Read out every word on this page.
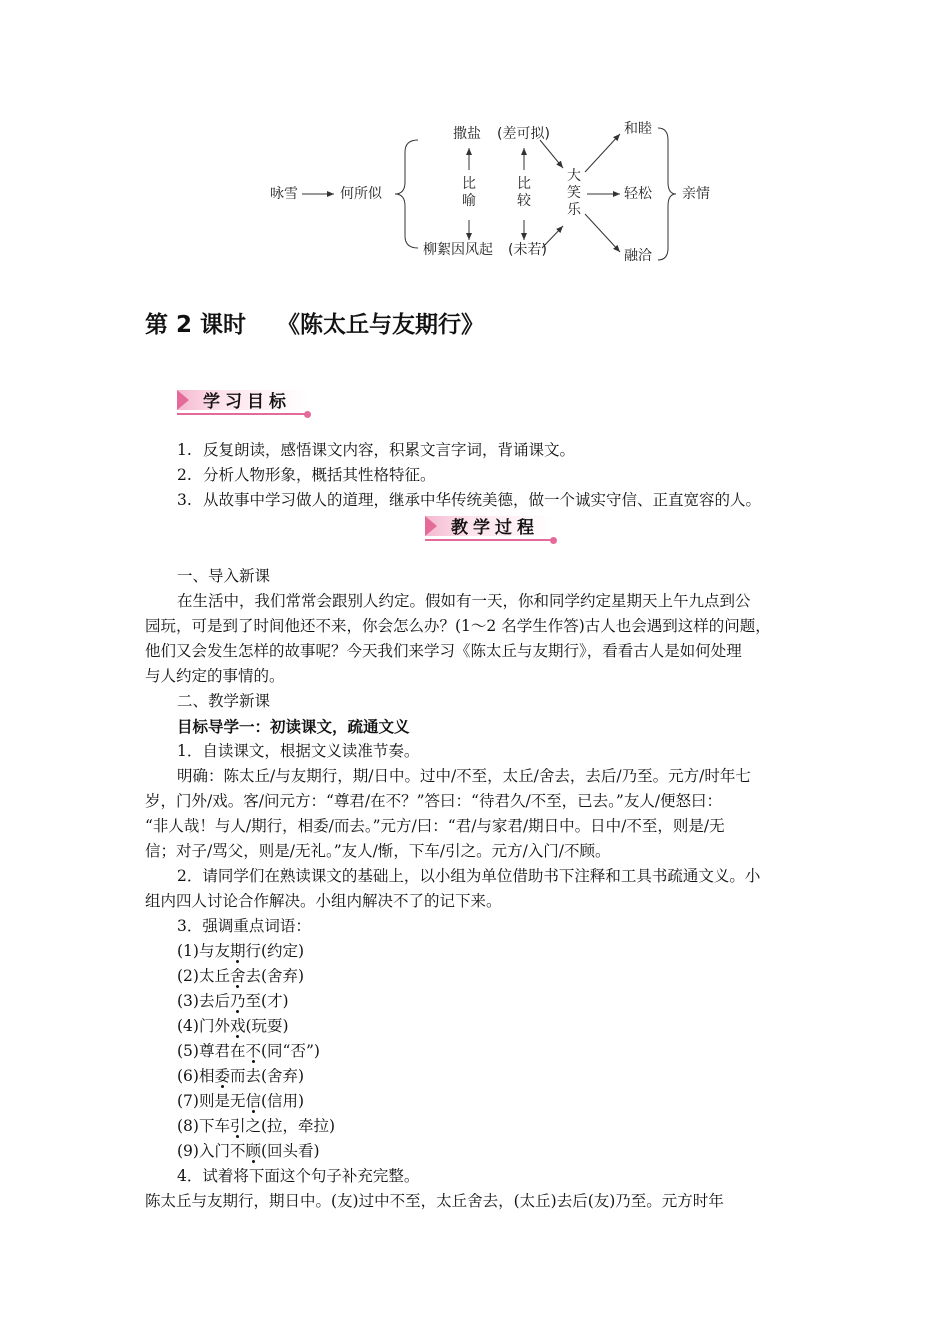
咏雪	何所似
撒盐 (差可拟)
比喻
比较
柳絮因风起 (未若)
大笑乐
和睦
轻松
融洽
亲情
第 2 课时　 《陈太丘与友期行》
学习目标
1. 反复朗读，感悟课文内容，积累文言字词，背诵课文。
2. 分析人物形象，概括其性格特征。
3. 从故事中学习做人的道理，继承中华传统美德，做一个诚实守信、正直宽容的人。
教学过程
一、导入新课
在生活中，我们常常会跟别人约定。假如有一天，你和同学约定星期天上午九点到公
园玩，可是到了时间他还不来，你会怎么办？(1～2 名学生作答)古人也会遇到这样的问题，
他们又会发生怎样的故事呢？今天我们来学习《陈太丘与友期行》，看看古人是如何处理
与人约定的事情的。
二、教学新课
目标导学一：初读课文，疏通文义
1．自读课文，根据文义读准节奏。
明确：陈太丘/与友期行，期/日中。过中/不至，太丘/舍去，去后/乃至。元方/时年七
岁，门外/戏。客/问元方：“尊君/在不？”答曰：“待君久/不至，已去。”友人/便怒曰：
“非人哉！与人/期行，相委/而去。”元方/曰：“君/与家君/期日中。日中/不至，则是/无
信；对子/骂父，则是/无礼。”友人/惭，下车/引之。元方/入门/不顾。
2．请同学们在熟读课文的基础上，以小组为单位借助书下注释和工具书疏通文义。小
组内四人讨论合作解决。小组内解决不了的记下来。
3．强调重点词语：
(1)与友期行(约定)
(2)太丘舍去(舍弃)
(3)去后乃至(才)
(4)门外戏(玩耍)
(5)尊君在不(同“否”)
(6)相委而去(舍弃)
(7)则是无信(信用)
(8)下车引之(拉，牵拉)
(9)入门不顾(回头看)
4．试着将下面这个句子补充完整。
陈太丘与友期行，期日中。(友)过中不至，太丘舍去，(太丘)去后(友)乃至。元方时年
